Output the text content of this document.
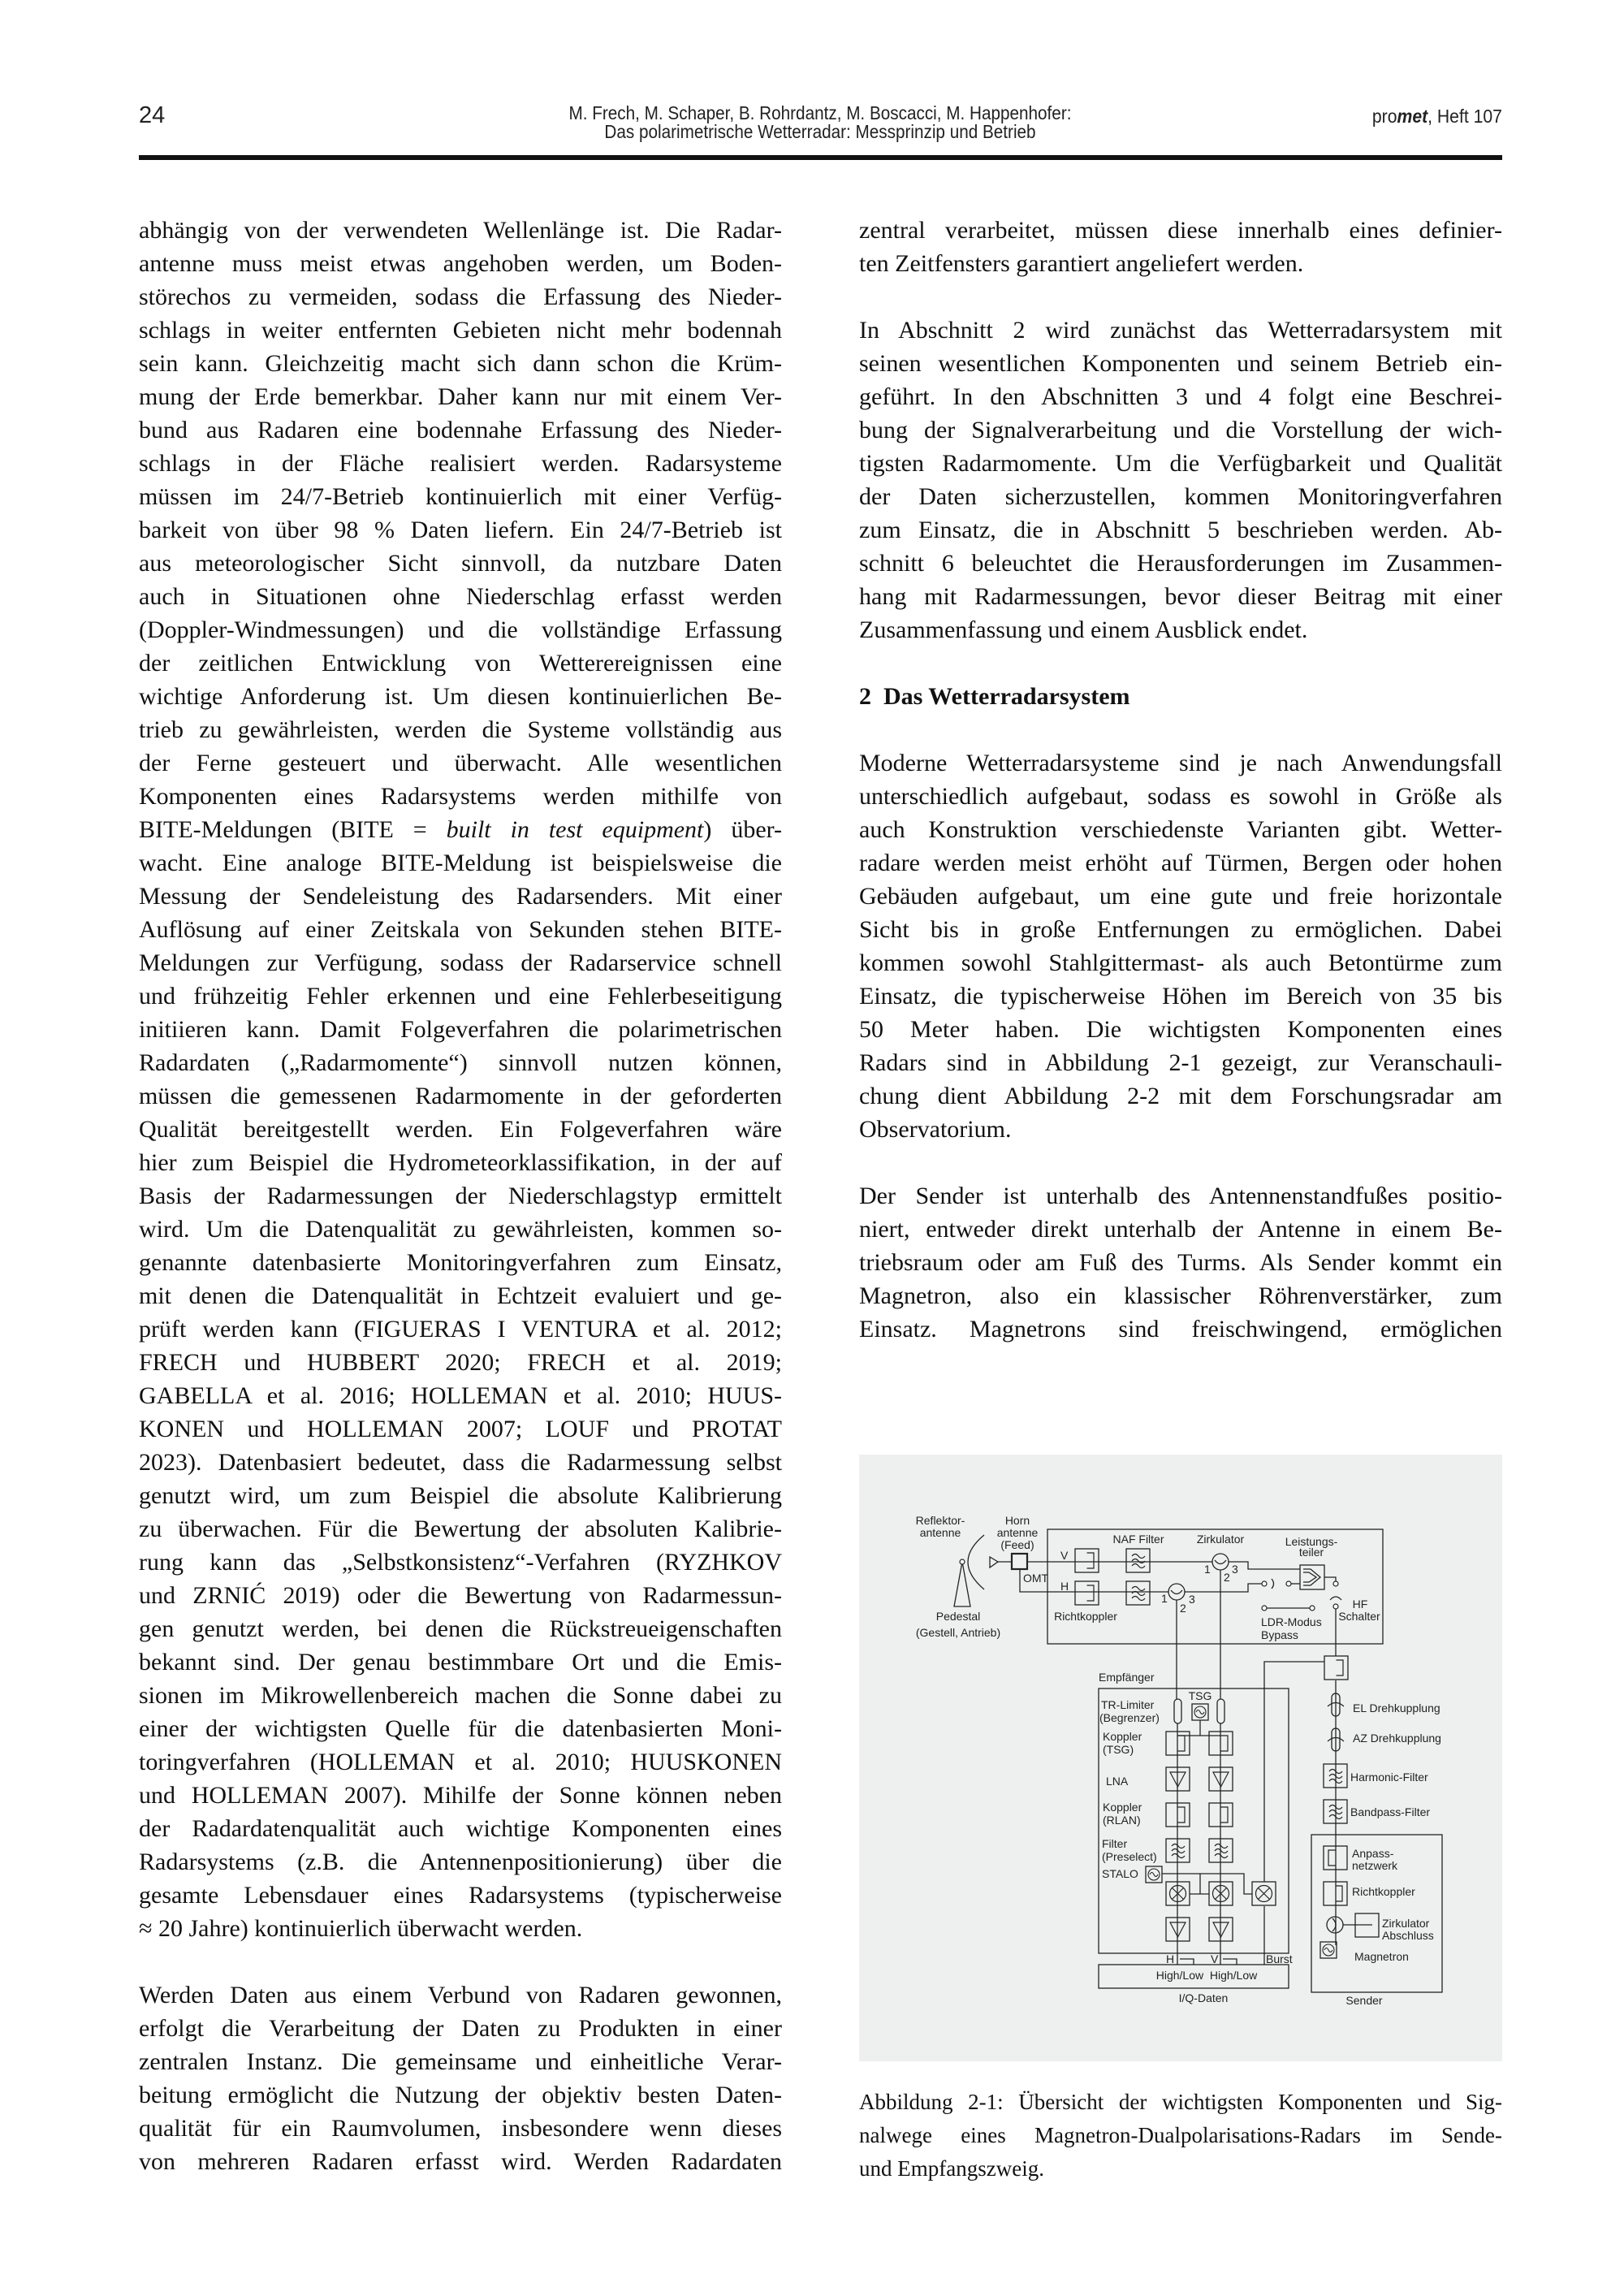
24	M. Frech, M. Schaper, B. Rohrdantz, M. Boscacci, M. Happenhofer:
Das polarimetrische Wetterradar: Messprinzip und Betrieb
promet, Heft 107
abhängig von der verwendeten Wellenlänge ist. Die Radar-
antenne muss meist etwas angehoben werden, um Boden-
störechos zu vermeiden, sodass die Erfassung des Nieder-
schlags in weiter entfernten Gebieten nicht mehr bodennah
sein kann. Gleichzeitig macht sich dann schon die Krüm-
mung der Erde bemerkbar. Daher kann nur mit einem Ver-
bund aus Radaren eine bodennahe Erfassung des Nieder-
schlags in der Fläche realisiert werden. Radarsysteme
müssen im 24/7-Betrieb kontinuierlich mit einer Verfüg-
barkeit von über 98 % Daten liefern. Ein 24/7-Betrieb ist
aus meteorologischer Sicht sinnvoll, da nutzbare Daten
auch in Situationen ohne Niederschlag erfasst werden
(Doppler-Windmessungen) und die vollständige Erfassung
der zeitlichen Entwicklung von Wetterereignissen eine
wichtige Anforderung ist. Um diesen kontinuierlichen Be-
trieb zu gewährleisten, werden die Systeme vollständig aus
der Ferne gesteuert und überwacht. Alle wesentlichen
Komponenten eines Radarsystems werden mithilfe von
BITE-Meldungen (BITE = built in test equipment) über-
wacht. Eine analoge BITE-Meldung ist beispielsweise die
Messung der Sendeleistung des Radarsenders. Mit einer
Auflösung auf einer Zeitskala von Sekunden stehen BITE-
Meldungen zur Verfügung, sodass der Radarservice schnell
und frühzeitig Fehler erkennen und eine Fehlerbeseitigung
initiieren kann. Damit Folgeverfahren die polarimetrischen
Radardaten („Radarmomente“) sinnvoll nutzen können,
müssen die gemessenen Radarmomente in der geforderten
Qualität bereitgestellt werden. Ein Folgeverfahren wäre
hier zum Beispiel die Hydrometeorklassifikation, in der auf
Basis der Radarmessungen der Niederschlagstyp ermittelt
wird. Um die Datenqualität zu gewährleisten, kommen so-
genannte datenbasierte Monitoringverfahren zum Einsatz,
mit denen die Datenqualität in Echtzeit evaluiert und ge-
prüft werden kann (FIGUERAS I VENTURA et al. 2012;
FRECH und HUBBERT 2020; FRECH et al. 2019;
GABELLA et al. 2016; HOLLEMAN et al. 2010; HUUS-
KONEN und HOLLEMAN 2007; LOUF und PROTAT
2023). Datenbasiert bedeutet, dass die Radarmessung selbst
genutzt wird, um zum Beispiel die absolute Kalibrierung
zu überwachen. Für die Bewertung der absoluten Kalibrie-
rung kann das „Selbstkonsistenz“-Verfahren (RYZHKOV
und ZRNIĆ 2019) oder die Bewertung von Radarmessun-
gen genutzt werden, bei denen die Rückstreueigenschaften
bekannt sind. Der genau bestimmbare Ort und die Emis-
sionen im Mikrowellenbereich machen die Sonne dabei zu
einer der wichtigsten Quelle für die datenbasierten Moni-
toringverfahren (HOLLEMAN et al. 2010; HUUSKONEN
und HOLLEMAN 2007). Mihilfe der Sonne können neben
der Radardatenqualität auch wichtige Komponenten eines
Radarsystems (z.B. die Antennenpositionierung) über die
gesamte Lebensdauer eines Radarsystems (typischerweise
≈ 20 Jahre) kontinuierlich überwacht werden.
Werden Daten aus einem Verbund von Radaren gewonnen,
erfolgt die Verarbeitung der Daten zu Produkten in einer
zentralen Instanz. Die gemeinsame und einheitliche Verar-
beitung ermöglicht die Nutzung der objektiv besten Daten-
qualität für ein Raumvolumen, insbesondere wenn dieses
von mehreren Radaren erfasst wird. Werden Radardaten
zentral verarbeitet, müssen diese innerhalb eines definier-
ten Zeitfensters garantiert angeliefert werden.
In Abschnitt 2 wird zunächst das Wetterradarsystem mit
seinen wesentlichen Komponenten und seinem Betrieb ein-
geführt. In den Abschnitten 3 und 4 folgt eine Beschrei-
bung der Signalverarbeitung und die Vorstellung der wich-
tigsten Radarmomente. Um die Verfügbarkeit und Qualität
der Daten sicherzustellen, kommen Monitoringverfahren
zum Einsatz, die in Abschnitt 5 beschrieben werden. Ab-
schnitt 6 beleuchtet die Herausforderungen im Zusammen-
hang mit Radarmessungen, bevor dieser Beitrag mit einer
Zusammenfassung und einem Ausblick endet.
2 Das Wetterradarsystem
Moderne Wetterradarsysteme sind je nach Anwendungsfall
unterschiedlich aufgebaut, sodass es sowohl in Größe als
auch Konstruktion verschiedenste Varianten gibt. Wetter-
radare werden meist erhöht auf Türmen, Bergen oder hohen
Gebäuden aufgebaut, um eine gute und freie horizontale
Sicht bis in große Entfernungen zu ermöglichen. Dabei
kommen sowohl Stahlgittermast- als auch Betontürme zum
Einsatz, die typischerweise Höhen im Bereich von 35 bis
50 Meter haben. Die wichtigsten Komponenten eines
Radars sind in Abbildung 2-1 gezeigt, zur Veranschauli-
chung dient Abbildung 2-2 mit dem Forschungsradar am
Observatorium.
Der Sender ist unterhalb des Antennenstandfußes positio-
niert, entweder direkt unterhalb der Antenne in einem Be-
triebsraum oder am Fuß des Turms. Als Sender kommt ein
Magnetron, also ein klassischer Röhrenverstärker, zum
Einsatz. Magnetrons sind freischwingend, ermöglichen
Reflektor-
antenne
Horn
antenne
(Feed)
Pedestal
(Gestell, Antrieb)
OMT
V
H
NAF Filter	Zirkulator	Leistungs-
teiler
Richtkoppler	LDR-Modus
Bypass
HF
Schalter
1 3
2
1 3
2
Empfänger
TSG
TR-Limiter
(Begrenzer)
Koppler
(TSG)
LNA
Koppler
(RLAN)
Filter
(Preselect)
STALO
H	V	Burst
High/Low  High/Low
I/Q-Daten
EL Drehkupplung
AZ Drehkupplung
Harmonic-Filter
Bandpass-Filter
Anpass-
netzwerk
Richtkoppler
Zirkulator
Abschluss
Magnetron
Sender
Abbildung 2-1: Übersicht der wichtigsten Komponenten und Sig-
nalwege eines Magnetron-Dualpolarisations-Radars im Sende-
und Empfangszweig.
